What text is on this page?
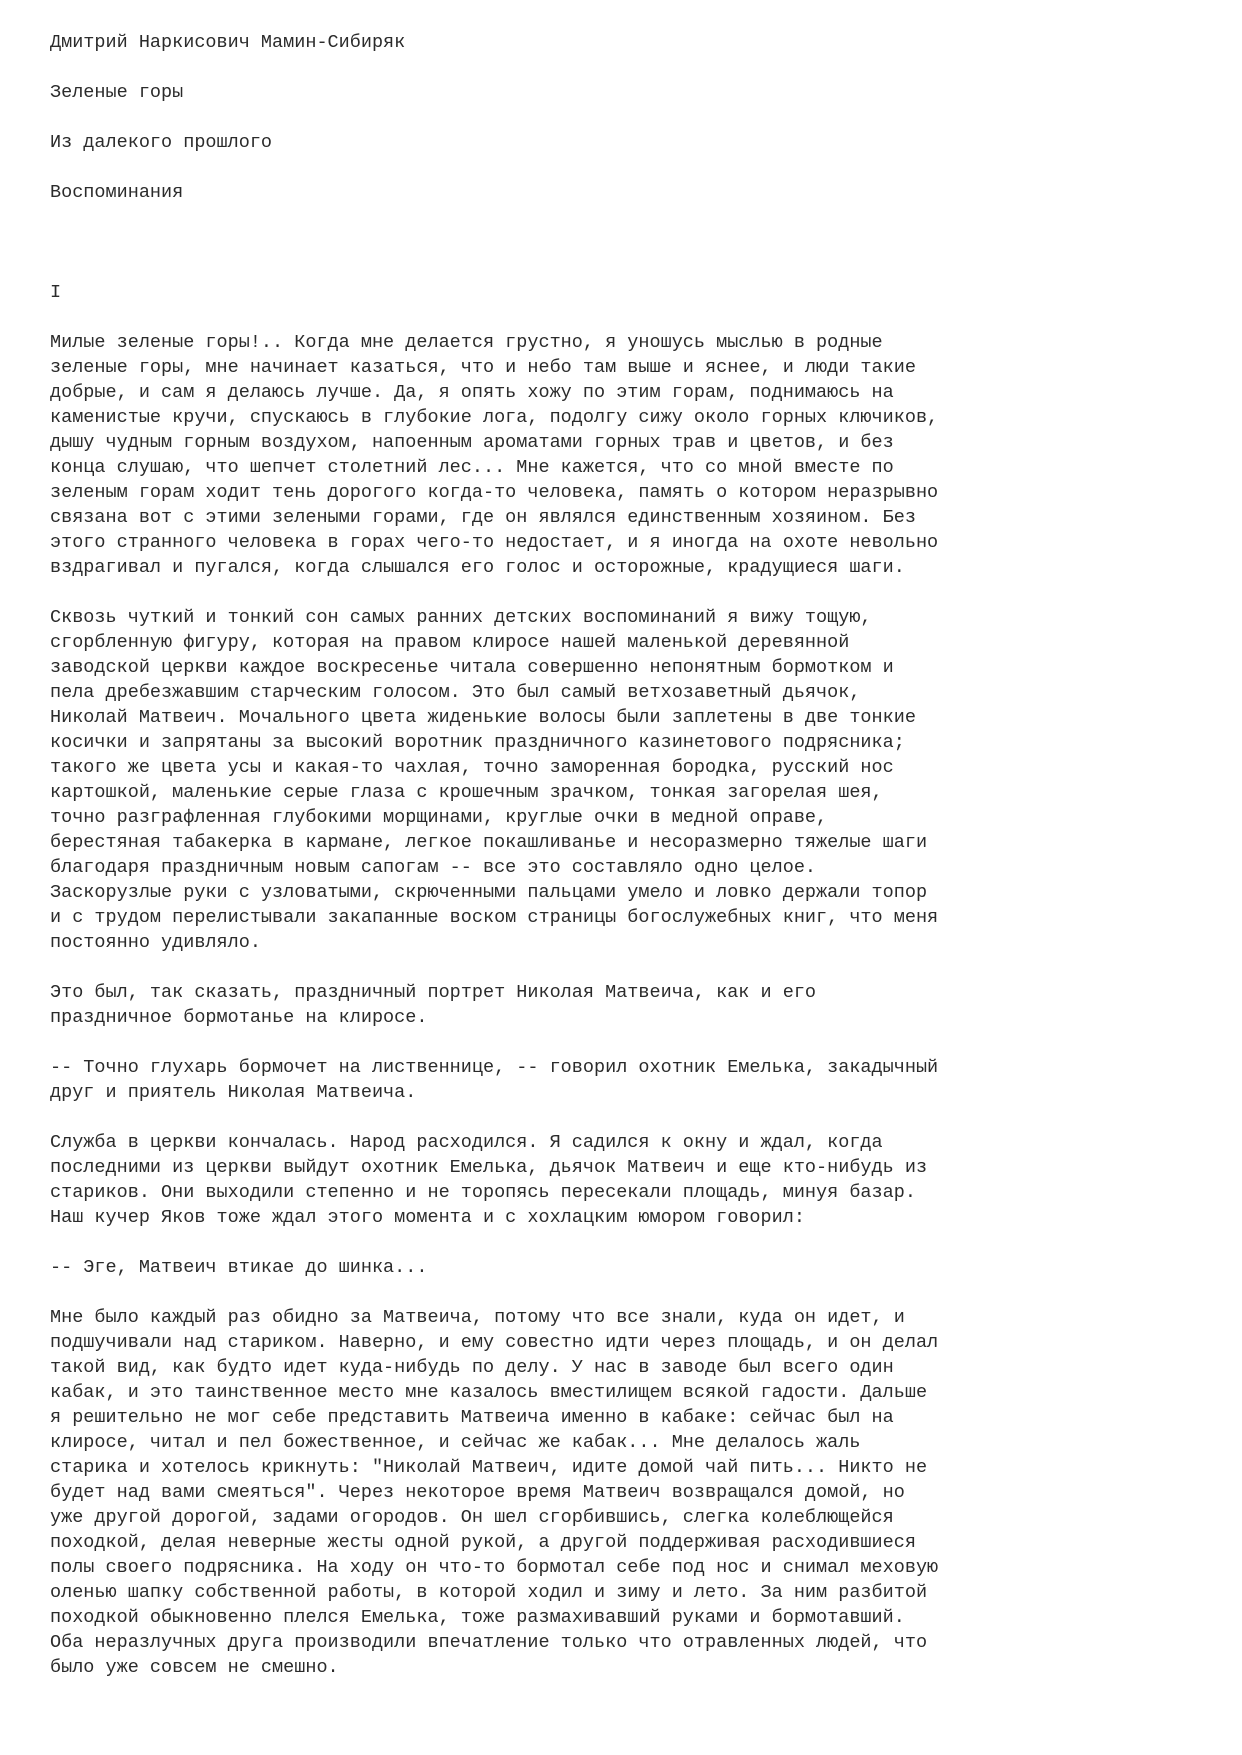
Дмитрий Наркисович Мамин-Сибиряк
Зеленые горы
Из далекого прошлого
Воспоминания
I
Милые зеленые горы!.. Когда мне делается грустно, я уношусь мыслью в родные
зеленые горы, мне начинает казаться, что и небо там выше и яснее, и люди такие
добрые, и сам я делаюсь лучше. Да, я опять хожу по этим горам, поднимаюсь на
каменистые кручи, спускаюсь в глубокие лога, подолгу сижу около горных ключиков,
дышу чудным горным воздухом, напоенным ароматами горных трав и цветов, и без
конца слушаю, что шепчет столетний лес... Мне кажется, что со мной вместе по
зеленым горам ходит тень дорогого когда-то человека, память о котором неразрывно
связана вот с этими зелеными горами, где он являлся единственным хозяином. Без
этого странного человека в горах чего-то недостает, и я иногда на охоте невольно
вздрагивал и пугался, когда слышался его голос и осторожные, крадущиеся шаги.
Сквозь чуткий и тонкий сон самых ранних детских воспоминаний я вижу тощую,
сгорбленную фигуру, которая на правом клиросе нашей маленькой деревянной
заводской церкви каждое воскресенье читала совершенно непонятным бормотком и
пела дребезжавшим старческим голосом. Это был самый ветхозаветный дьячок,
Николай Матвеич. Мочального цвета жиденькие волосы были заплетены в две тонкие
косички и запрятаны за высокий воротник праздничного казинетового подрясника;
такого же цвета усы и какая-то чахлая, точно заморенная бородка, русский нос
картошкой, маленькие серые глаза с крошечным зрачком, тонкая загорелая шея,
точно разграфленная глубокими морщинами, круглые очки в медной оправе,
берестяная табакерка в кармане, легкое покашливанье и несоразмерно тяжелые шаги
благодаря праздничным новым сапогам -- все это составляло одно целое.
Заскорузлые руки с узловатыми, скрюченными пальцами умело и ловко держали топор
и с трудом перелистывали закапанные воском страницы богослужебных книг, что меня
постоянно удивляло.
Это был, так сказать, праздничный портрет Николая Матвеича, как и его
праздничное бормотанье на клиросе.
-- Точно глухарь бормочет на лиственнице, -- говорил охотник Емелька, закадычный
друг и приятель Николая Матвеича.
Служба в церкви кончалась. Народ расходился. Я садился к окну и ждал, когда
последними из церкви выйдут охотник Емелька, дьячок Матвеич и еще кто-нибудь из
стариков. Они выходили степенно и не торопясь пересекали площадь, минуя базар.
Наш кучер Яков тоже ждал этого момента и с хохлацким юмором говорил:
-- Эге, Матвеич втикае до шинка...
Мне было каждый раз обидно за Матвеича, потому что все знали, куда он идет, и
подшучивали над стариком. Наверно, и ему совестно идти через площадь, и он делал
такой вид, как будто идет куда-нибудь по делу. У нас в заводе был всего один
кабак, и это таинственное место мне казалось вместилищем всякой гадости. Дальше
я решительно не мог себе представить Матвеича именно в кабаке: сейчас был на
клиросе, читал и пел божественное, и сейчас же кабак... Мне делалось жаль
старика и хотелось крикнуть: "Николай Матвеич, идите домой чай пить... Никто не
будет над вами смеяться". Через некоторое время Матвеич возвращался домой, но
уже другой дорогой, задами огородов. Он шел сгорбившись, слегка колеблющейся
походкой, делая неверные жесты одной рукой, а другой поддерживая расходившиеся
полы своего подрясника. На ходу он что-то бормотал себе под нос и снимал меховую
оленью шапку собственной работы, в которой ходил и зиму и лето. За ним разбитой
походкой обыкновенно плелся Емелька, тоже размахивавший руками и бормотавший.
Оба неразлучных друга производили впечатление только что отравленных людей, что
было уже совсем не смешно.
